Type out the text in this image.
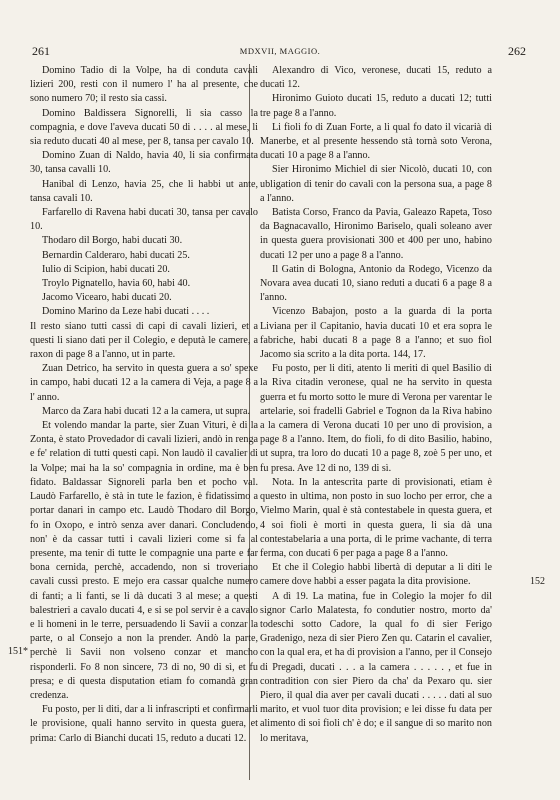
261	MDXVII, MAGGIO.	262
151*
152

Domino Tadio di la Volpe, ha di conduta cavali lizieri 200, resti con il numero l' ha al presente, che sono numero 70; il resto sia cassi.

Domino Baldissera Signorelli, li sia casso la compagnia, e dove l'aveva ducati 50 di . . . . al mese, li sia reduto ducati 40 al mese, per 8, tansa per cavalo 10.

Domino Zuan di Naldo, havia 40, li sia confirmata 30, tansa cavalli 10.

Hanibal di Lenzo, havia 25, che li habbi ut ante, tansa cavali 10.

Farfarello di Ravena habi ducati 30, tansa per cavalo 10.

Thodaro dil Borgo, habi ducati 30.

Bernardin Calderaro, habi ducati 25.

Iulio di Scipion, habi ducati 20.

Troylo Pignatello, havia 60, habi 40.

Jacomo Vicearo, habi ducati 20.

Domino Marino da Leze habi ducati . . . .

Il resto siano tutti cassi di capi di cavali lizieri, et a questi li siano dati per il Colegio, e deputà le camere, a raxon di page 8 a l'anno, ut in parte.

Zuan Detrico, ha servito in questa guera a so' spexe in campo, habi ducati 12 a la camera di Veja, a page 8 a l' anno.

Marco da Zara habi ducati 12 a la camera, ut supra.

Et volendo mandar la parte, sier Zuan Vituri, è di la Zonta, è stato Provedador di cavali lizieri, andò in renga e fe' relation di tutti questi capi. Non laudò il cavalier di la Volpe; mai ha la so' compagnia in ordine, ma è ben fidato. Baldassar Signoreli parla ben et pocho val. Laudò Farfarello, è stà in tute le fazion, è fidatissimo a portar danari in campo etc. Laudò Thodaro dil Borgo, fo in Oxopo, e intrò senza aver danari. Concludendo, non' è da cassar tutti i cavali lizieri come si fa al presente, ma tenir di tutte le compagnie una parte e far bona cernida, perchè, accadendo, non si troveriano cavali cussì presto. E mejo era cassar qualche numero di fanti; a li fanti, se li dà ducati 3 al mese; a questi balestrieri a cavalo ducati 4, e si se pol servir è a cavalo e li homeni in le terre, persuadendo li Savii a conzar la parte, o al Consejo a non la prender. Andò la parte, perchè li Savii non volseno conzar et mancho risponderli. Fo 8 non sincere, 73 di no, 90 di sì, et fu presa; e di questa disputation etiam fo comandà gran credenza.

Fu posto, per li diti, dar a li infrascripti et confirmarli le provisione, quali hanno servito in questa guera, et prima: Carlo di Bianchi ducati 15, reduto a ducati 12.

Alexandro di Vico, veronese, ducati 15, reduto a ducati 12.

Hironimo Guioto ducati 15, reduto a ducati 12; tutti tre page 8 a l'anno.

Li fioli fo di Zuan Forte, a li qual fo dato il vicarià di Manerbe, et al presente hessendo stà tornà soto Verona, ducati 10 a page 8 a l'anno.

Sier Hironimo Michiel di sier Nicolò, ducati 10, con ubligation di tenir do cavali con la persona sua, a page 8 a l'anno.

Batista Corso, Franco da Pavia, Galeazo Rapeta, Toso da Bagnacavallo, Hironimo Bariselo, quali soleano aver in questa guera provisionati 300 et 400 per uno, habino ducati 12 per uno a page 8 a l'anno.

Il Gatin di Bologna, Antonio da Rodego, Vicenzo da Novara avea ducati 10, siano reduti a ducati 6 a page 8 a l'anno.

Vicenzo Babajon, posto a la guarda di la porta Liviana per il Capitanio, havia ducati 10 et era sopra le fabriche, habi ducati 8 a page 8 a l'anno; et suo fiol Jacomo sia scrito a la dita porta. 144, 17.

Fu posto, per li diti, atento li meriti di quel Basilio di la Riva citadin veronese, qual ne ha servito in questa guerra et fu morto sotto le mure di Verona per varentar le artelarie, soi fradelli Gabriel e Tognon da la Riva habino a la camera di Verona ducati 10 per uno di provision, a page 8 a l'anno. Item, do fioli, fo di dito Basilio, habino, ut supra, tra loro do ducati 10 a page 8, zoè 5 per uno, et fu presa. Ave 12 di no, 139 di sì.

Nota. In la antescrita parte di provisionati, etiam è questo in ultima, non posto in suo locho per error, che a Vielmo Marin, qual è stà contestabele in questa guera, et 4 soi fioli è morti in questa guera, li sia dà una contestabelaria a una porta, di le prime vachante, di terra ferma, con ducati 6 per paga a page 8 a l'anno.

Et che il Colegio habbi libertà di deputar a li diti le camere dove habbi a esser pagata la dita provisione.

A dì 19. La matina, fue in Colegio la mojer fo dil signor Carlo Malatesta, fo condutier nostro, morto da' todeschi sotto Cadore, la qual fo di sier Ferigo Gradenigo, neza di sier Piero Zen qu. Catarin el cavalier, con la qual era, et ha di provision a l'anno, per il Consejo di Pregadi, ducati . . . a la camera . . . . . , et fue in contradition con sier Piero da cha' da Pexaro qu. sier Piero, il qual dia aver per cavali ducati . . . . . dati al suo marito, et vuol tuor dita provision; e lei disse fu data per alimento di soi fioli ch' è do; e il sangue di so marito non lo meritava,
